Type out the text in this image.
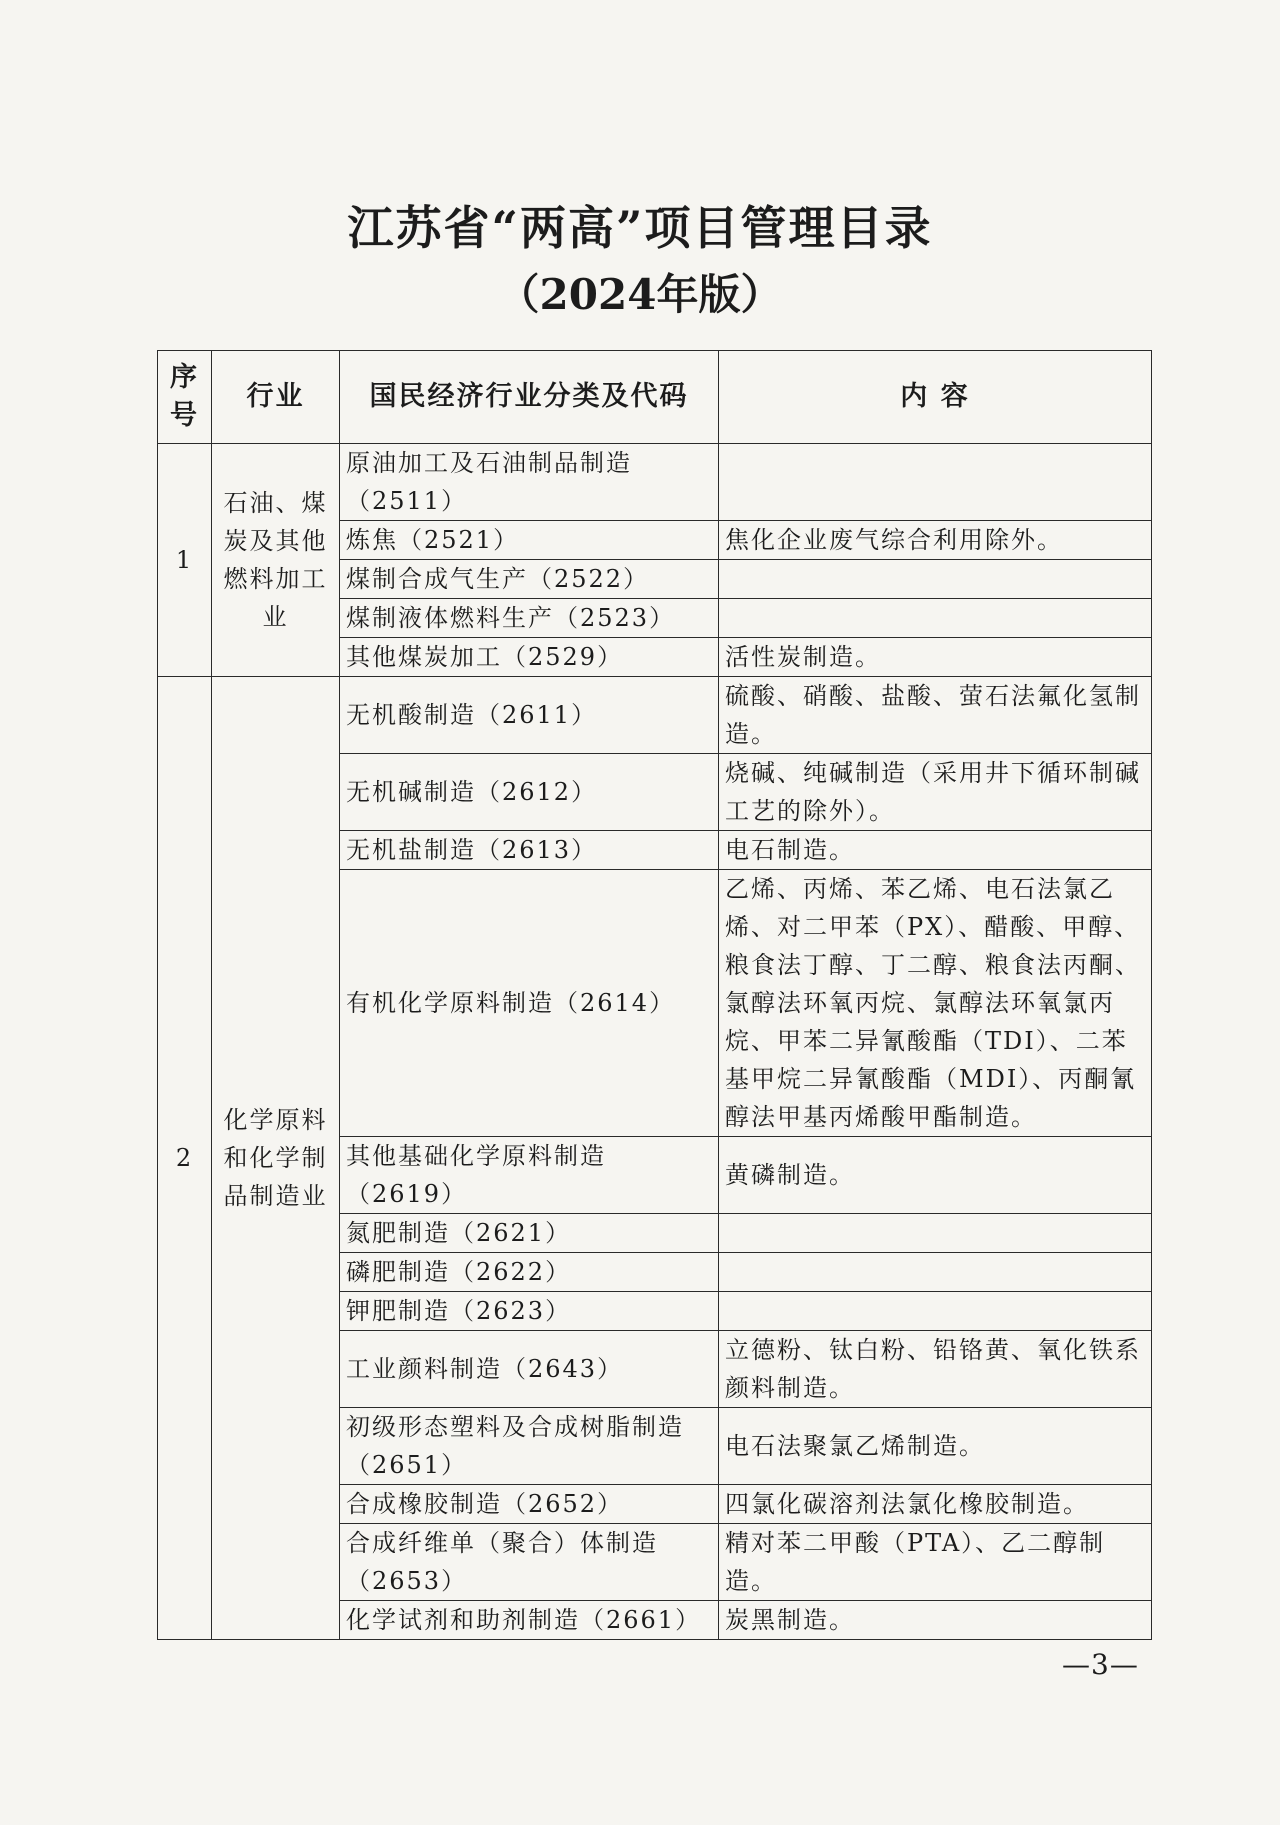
江苏省“两高”项目管理目录
（2024年版）
序号	行业	国民经济行业分类及代码	内 容
1	石油、煤炭及其他燃料加工业	原油加工及石油制品制造（2511）	
		炼焦（2521）	焦化企业废气综合利用除外。
		煤制合成气生产（2522）	
		煤制液体燃料生产（2523）	
		其他煤炭加工（2529）	活性炭制造。
2	化学原料和化学制品制造业	无机酸制造（2611）	硫酸、硝酸、盐酸、萤石法氟化氢制造。
		无机碱制造（2612）	烧碱、纯碱制造（采用井下循环制碱工艺的除外）。
		无机盐制造（2613）	电石制造。
		有机化学原料制造（2614）	乙烯、丙烯、苯乙烯、电石法氯乙烯、对二甲苯（PX）、醋酸、甲醇、粮食法丁醇、丁二醇、粮食法丙酮、氯醇法环氧丙烷、氯醇法环氧氯丙烷、甲苯二异氰酸酯（TDI）、二苯基甲烷二异氰酸酯（MDI）、丙酮氰醇法甲基丙烯酸甲酯制造。
		其他基础化学原料制造（2619）	黄磷制造。
		氮肥制造（2621）	
		磷肥制造（2622）	
		钾肥制造（2623）	
		工业颜料制造（2643）	立德粉、钛白粉、铅铬黄、氧化铁系颜料制造。
		初级形态塑料及合成树脂制造（2651）	电石法聚氯乙烯制造。
		合成橡胶制造（2652）	四氯化碳溶剂法氯化橡胶制造。
		合成纤维单（聚合）体制造（2653）	精对苯二甲酸（PTA）、乙二醇制造。
		化学试剂和助剂制造（2661）	炭黑制造。
—3—
